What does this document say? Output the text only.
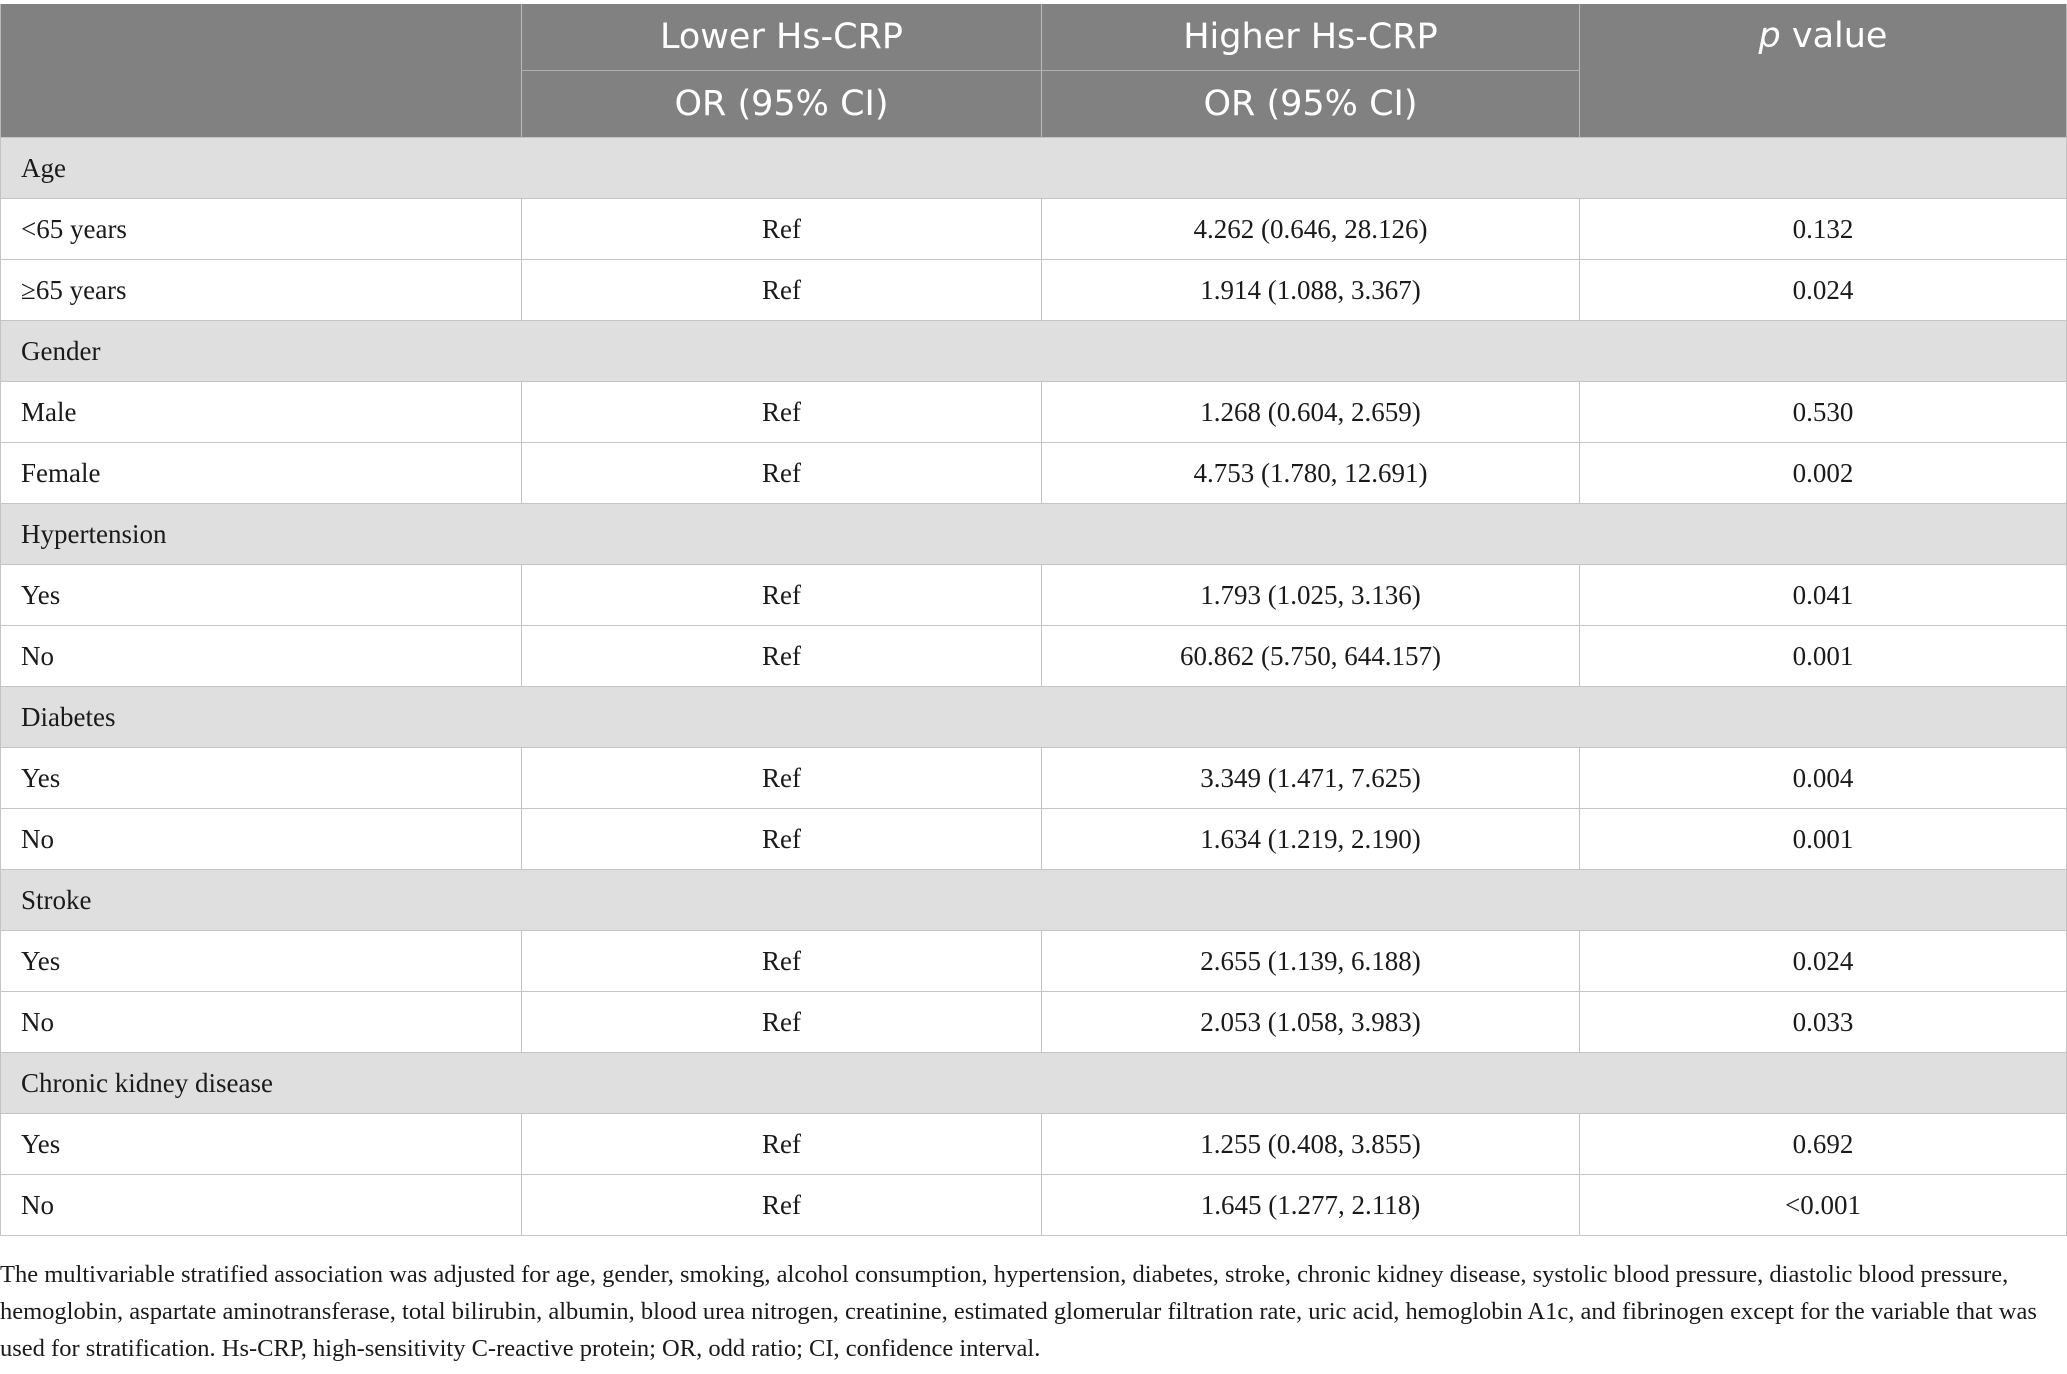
	Lower Hs-CRP	Higher Hs-CRP	p value
	OR (95% CI)	OR (95% CI)	
Age			
<65 years	Ref	4.262 (0.646, 28.126)	0.132
≥65 years	Ref	1.914 (1.088, 3.367)	0.024
Gender			
Male	Ref	1.268 (0.604, 2.659)	0.530
Female	Ref	4.753 (1.780, 12.691)	0.002
Hypertension			
Yes	Ref	1.793 (1.025, 3.136)	0.041
No	Ref	60.862 (5.750, 644.157)	0.001
Diabetes			
Yes	Ref	3.349 (1.471, 7.625)	0.004
No	Ref	1.634 (1.219, 2.190)	0.001
Stroke			
Yes	Ref	2.655 (1.139, 6.188)	0.024
No	Ref	2.053 (1.058, 3.983)	0.033
Chronic kidney disease			
Yes	Ref	1.255 (0.408, 3.855)	0.692
No	Ref	1.645 (1.277, 2.118)	<0.001

The multivariable stratified association was adjusted for age, gender, smoking, alcohol consumption, hypertension, diabetes, stroke, chronic kidney disease, systolic blood pressure, diastolic blood pressure, hemoglobin, aspartate aminotransferase, total bilirubin, albumin, blood urea nitrogen, creatinine, estimated glomerular filtration rate, uric acid, hemoglobin A1c, and fibrinogen except for the variable that was used for stratification. Hs-CRP, high-sensitivity C-reactive protein; OR, odd ratio; CI, confidence interval.
